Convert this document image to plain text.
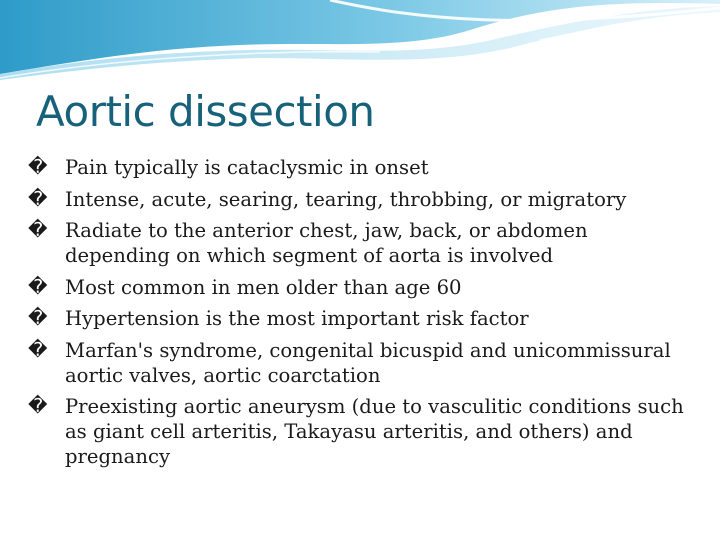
Aortic dissection
� Pain typically is cataclysmic in onset
� Intense, acute, searing, tearing, throbbing, or migratory
� Radiate to the anterior chest, jaw, back, or abdomen depending on which segment of aorta is involved
� Most common in men older than age 60
� Hypertension is the most important risk factor
� Marfan's syndrome, congenital bicuspid and unicommissural aortic valves, aortic coarctation
� Preexisting aortic aneurysm (due to vasculitic conditions such as giant cell arteritis, Takayasu arteritis, and others) and pregnancy
